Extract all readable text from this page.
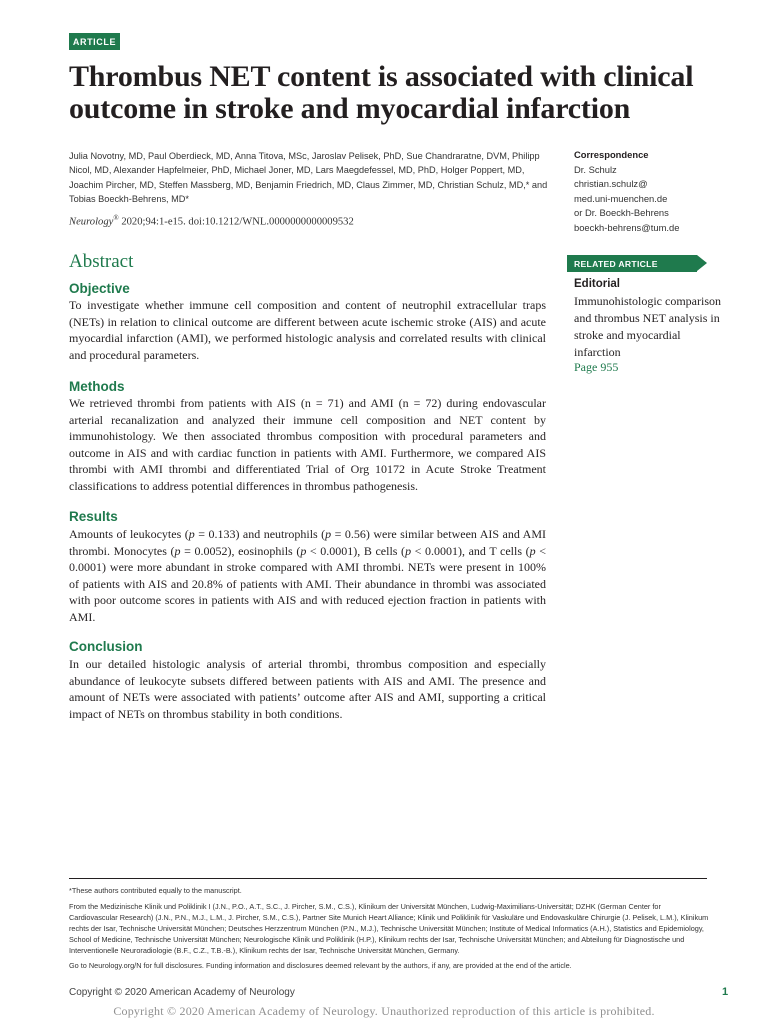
ARTICLE
Thrombus NET content is associated with clinical outcome in stroke and myocardial infarction
Julia Novotny, MD, Paul Oberdieck, MD, Anna Titova, MSc, Jaroslav Pelisek, PhD, Sue Chandraratne, DVM, Philipp Nicol, MD, Alexander Hapfelmeier, PhD, Michael Joner, MD, Lars Maegdefessel, MD, PhD, Holger Poppert, MD, Joachim Pircher, MD, Steffen Massberg, MD, Benjamin Friedrich, MD, Claus Zimmer, MD, Christian Schulz, MD,* and Tobias Boeckh-Behrens, MD*
Neurology® 2020;94:1-e15. doi:10.1212/WNL.0000000000009532
Correspondence
Dr. Schulz
christian.schulz@
med.uni-muenchen.de
or Dr. Boeckh-Behrens
boeckh-behrens@tum.de
RELATED ARTICLE
Editorial
Immunohistologic comparison and thrombus NET analysis in stroke and myocardial infarction
Page 955
Abstract
Objective
To investigate whether immune cell composition and content of neutrophil extracellular traps (NETs) in relation to clinical outcome are different between acute ischemic stroke (AIS) and acute myocardial infarction (AMI), we performed histologic analysis and correlated results with clinical and procedural parameters.
Methods
We retrieved thrombi from patients with AIS (n = 71) and AMI (n = 72) during endovascular arterial recanalization and analyzed their immune cell composition and NET content by immunohistology. We then associated thrombus composition with procedural parameters and outcome in AIS and with cardiac function in patients with AMI. Furthermore, we compared AIS thrombi with AMI thrombi and differentiated Trial of Org 10172 in Acute Stroke Treatment classifications to address potential differences in thrombus pathogenesis.
Results
Amounts of leukocytes (p = 0.133) and neutrophils (p = 0.56) were similar between AIS and AMI thrombi. Monocytes (p = 0.0052), eosinophils (p < 0.0001), B cells (p < 0.0001), and T cells (p < 0.0001) were more abundant in stroke compared with AMI thrombi. NETs were present in 100% of patients with AIS and 20.8% of patients with AMI. Their abundance in thrombi was associated with poor outcome scores in patients with AIS and with reduced ejection fraction in patients with AMI.
Conclusion
In our detailed histologic analysis of arterial thrombi, thrombus composition and especially abundance of leukocyte subsets differed between patients with AIS and AMI. The presence and amount of NETs were associated with patients’ outcome after AIS and AMI, supporting a critical impact of NETs on thrombus stability in both conditions.
*These authors contributed equally to the manuscript.
From the Medizinische Klinik und Poliklinik I (J.N., P.O., A.T., S.C., J. Pircher, S.M., C.S.), Klinikum der Universität München, Ludwig-Maximilians-Universität; DZHK (German Center for Cardiovascular Research) (J.N., P.N., M.J., L.M., J. Pircher, S.M., C.S.), Partner Site Munich Heart Alliance; Klinik und Poliklinik für Vaskuläre und Endovaskuläre Chirurgie (J. Pelisek, L.M.), Klinikum rechts der Isar, Technische Universität München; Deutsches Herzzentrum München (P.N., M.J.), Technische Universität München; Institute of Medical Informatics (A.H.), Statistics and Epidemiology, School of Medicine, Technische Universität München; Neurologische Klinik und Poliklinik (H.P.), Klinikum rechts der Isar, Technische Universität München; and Abteilung für Diagnostische und Interventionelle Neuroradiologie (B.F., C.Z., T.B.-B.), Klinikum rechts der Isar, Technische Universität München, Germany.
Go to Neurology.org/N for full disclosures. Funding information and disclosures deemed relevant by the authors, if any, are provided at the end of the article.
Copyright © 2020 American Academy of Neurology	1
Copyright © 2020 American Academy of Neurology. Unauthorized reproduction of this article is prohibited.
